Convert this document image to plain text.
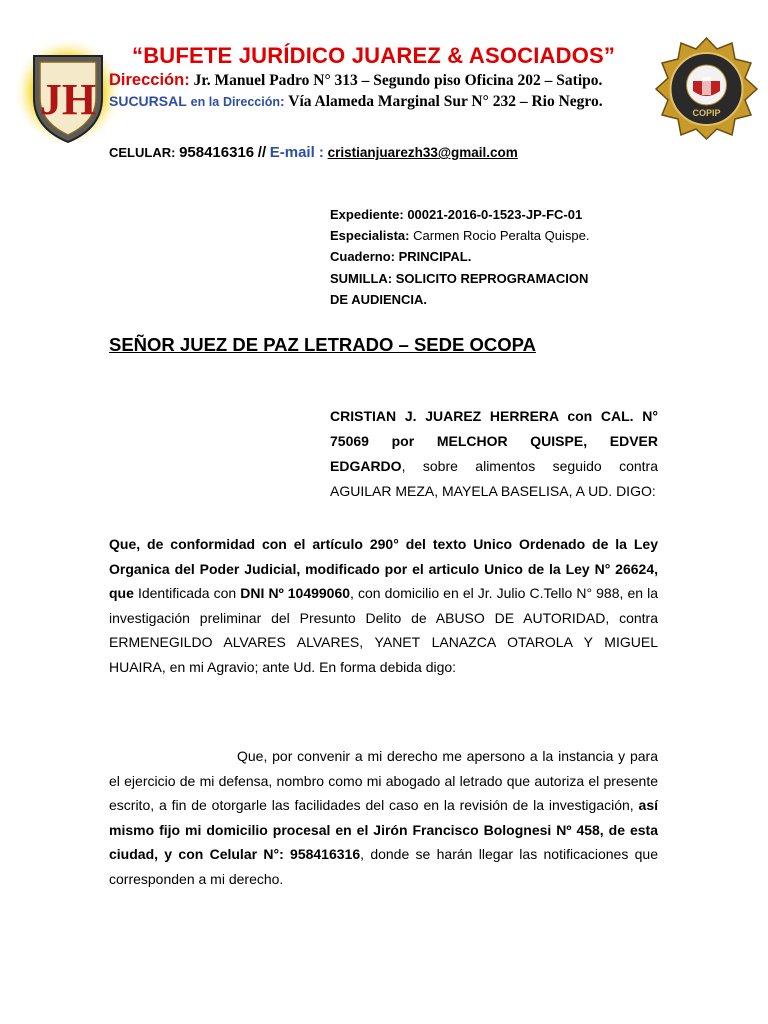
JH	COPIP
“BUFETE JURÍDICO JUAREZ & ASOCIADOS”
Dirección: Jr. Manuel Padro N° 313 – Segundo piso Oficina 202 – Satipo. SUCURSAL en la Dirección: Vía Alameda Marginal Sur N° 232 – Rio Negro.
CELULAR: 958416316 // E-mail : cristianjuarezh33@gmail.com
Expediente: 00021-2016-0-1523-JP-FC-01
Especialista: Carmen Rocio Peralta Quispe.
Cuaderno: PRINCIPAL.
SUMILLA: SOLICITO REPROGRAMACION
DE AUDIENCIA.
SEÑOR JUEZ DE PAZ LETRADO – SEDE OCOPA
CRISTIAN J. JUAREZ HERRERA con CAL. N° 75069 por MELCHOR QUISPE, EDVER EDGARDO, sobre alimentos seguido contra AGUILAR MEZA, MAYELA BASELISA, A UD. DIGO:
Que, de conformidad con el artículo 290° del texto Unico Ordenado de la Ley Organica del Poder Judicial, modificado por el articulo Unico de la Ley N° 26624, que Identificada con DNI Nº 10499060, con domicilio en el Jr. Julio C.Tello N° 988, en la investigación preliminar del Presunto Delito de ABUSO DE AUTORIDAD, contra ERMENEGILDO ALVARES ALVARES, YANET LANAZCA OTAROLA Y MIGUEL HUAIRA, en mi Agravio; ante Ud. En forma debida digo:
Que, por convenir a mi derecho me apersono a la instancia y para el ejercicio de mi defensa, nombro como mi abogado al letrado que autoriza el presente escrito, a fin de otorgarle las facilidades del caso en la revisión de la investigación, así mismo fijo mi domicilio procesal en el Jirón Francisco Bolognesi Nº 458, de esta ciudad, y con Celular N°: 958416316, donde se harán llegar las notificaciones que corresponden a mi derecho.
